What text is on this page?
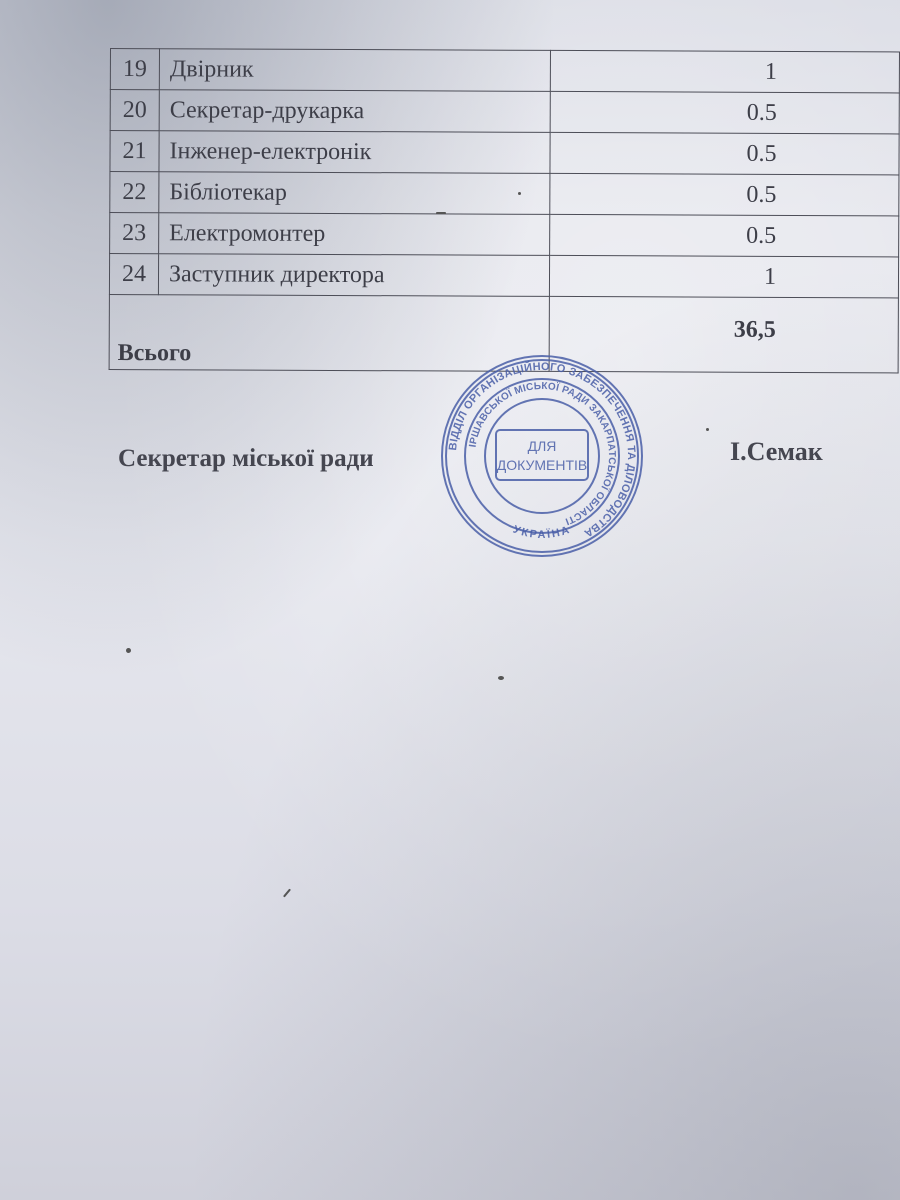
19	Двірник	1
20	Секретар-друкарка	0.5
21	Інженер-електронік	0.5
22	Бібліотекар	0.5
23	Електромонтер	0.5
24	Заступник директора	1
Всього		36,5
Секретар міської ради	І.Семак
ВІДДІЛ ОРГАНІЗАЦІЙНОГО ЗАБЕЗПЕЧЕННЯ ТА ДІЛОВОДСТВА
ІРШАВСЬКОЇ МІСЬКОЇ РАДИ ЗАКАРПАТСЬКОЇ ОБЛАСТІ
УКРАЇНА
ДЛЯ
ДОКУМЕНТІВ
